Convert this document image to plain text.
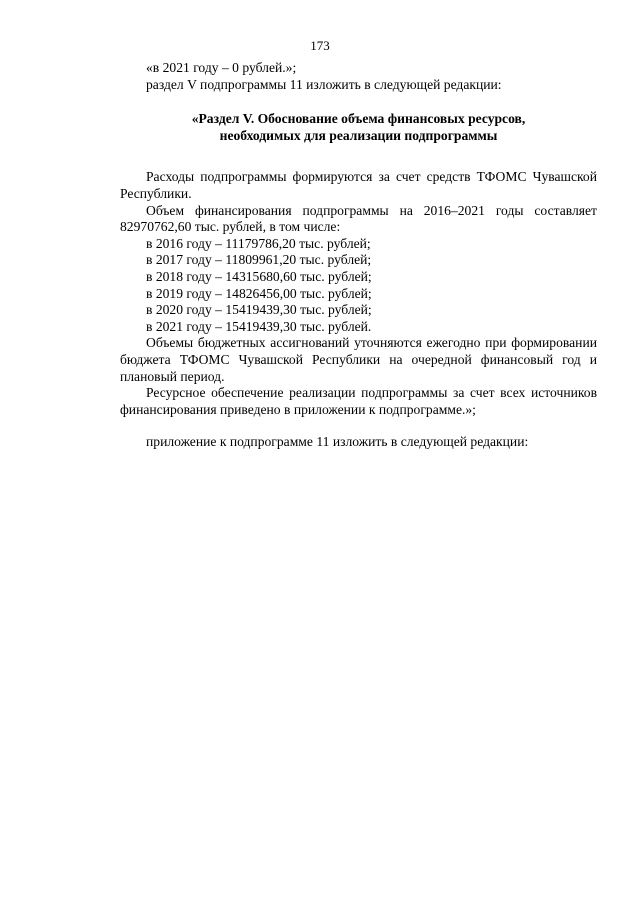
173

«в 2021 году – 0 рублей.»;

раздел V подпрограммы 11 изложить в следующей редакции:

«Раздел V. Обоснование объема финансовых ресурсов,
необходимых для реализации подпрограммы

Расходы подпрограммы формируются за счет средств ТФОМС Чувашской Республики.

Объем финансирования подпрограммы на 2016–2021 годы составляет 82970762,60 тыс. рублей, в том числе:

в 2016 году – 11179786,20 тыс. рублей;

в 2017 году – 11809961,20 тыс. рублей;

в 2018 году – 14315680,60 тыс. рублей;

в 2019 году – 14826456,00 тыс. рублей;

в 2020 году – 15419439,30 тыс. рублей;

в 2021 году – 15419439,30 тыс. рублей.

Объемы бюджетных ассигнований уточняются ежегодно при формировании бюджета ТФОМС Чувашской Республики на очередной финансовый год и плановый период.

Ресурсное обеспечение реализации подпрограммы за счет всех источников финансирования приведено в приложении к подпрограмме.»;

приложение к подпрограмме 11 изложить в следующей редакции:
